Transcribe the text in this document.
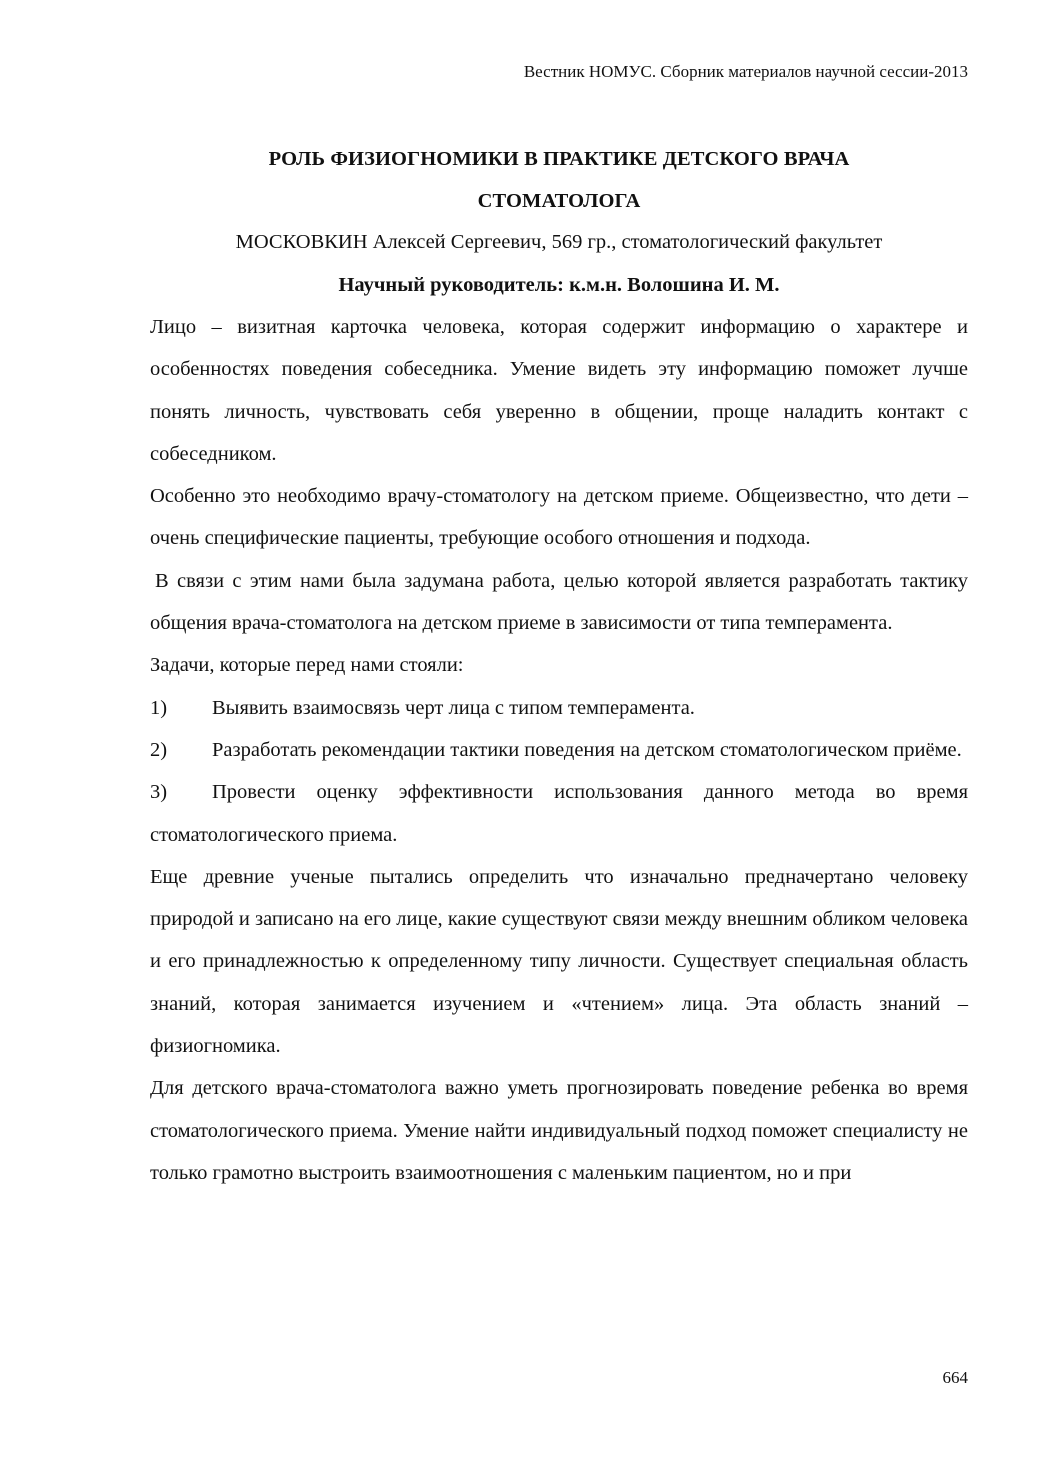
Вестник НОМУС. Сборник материалов научной сессии-2013
РОЛЬ ФИЗИОГНОМИКИ В ПРАКТИКЕ ДЕТСКОГО ВРАЧА
СТОМАТОЛОГА
МОСКОВКИН Алексей Сергеевич, 569 гр., стоматологический факультет
Научный руководитель: к.м.н. Волошина И. М.

Лицо – визитная карточка человека, которая содержит информацию о характере и особенностях поведения собеседника. Умение видеть эту информацию поможет лучше понять личность, чувствовать себя уверенно в общении, проще наладить контакт с собеседником.

Особенно это необходимо врачу-стоматологу на детском приеме. Общеизвестно, что дети – очень специфические пациенты, требующие особого отношения и подхода.

В связи с этим нами была задумана работа, целью которой является разработать тактику общения врача-стоматолога на детском приеме в зависимости от типа темперамента.

Задачи, которые перед нами стояли:

1) Выявить взаимосвязь черт лица с типом темперамента.

2) Разработать рекомендации тактики поведения на детском стоматологическом приёме.

3) Провести оценку эффективности использования данного метода во время стоматологического приема.

Еще древние ученые пытались определить что изначально предначертано человеку природой и записано на его лице, какие существуют связи между внешним обликом человека и его принадлежностью к определенному типу личности. Существует специальная область знаний, которая занимается изучением и «чтением» лица. Эта область знаний – физиогномика.

Для детского врача-стоматолога важно уметь прогнозировать поведение ребенка во время стоматологического приема. Умение найти индивидуальный подход поможет специалисту не только грамотно выстроить взаимоотношения с маленьким пациентом, но и при

664
